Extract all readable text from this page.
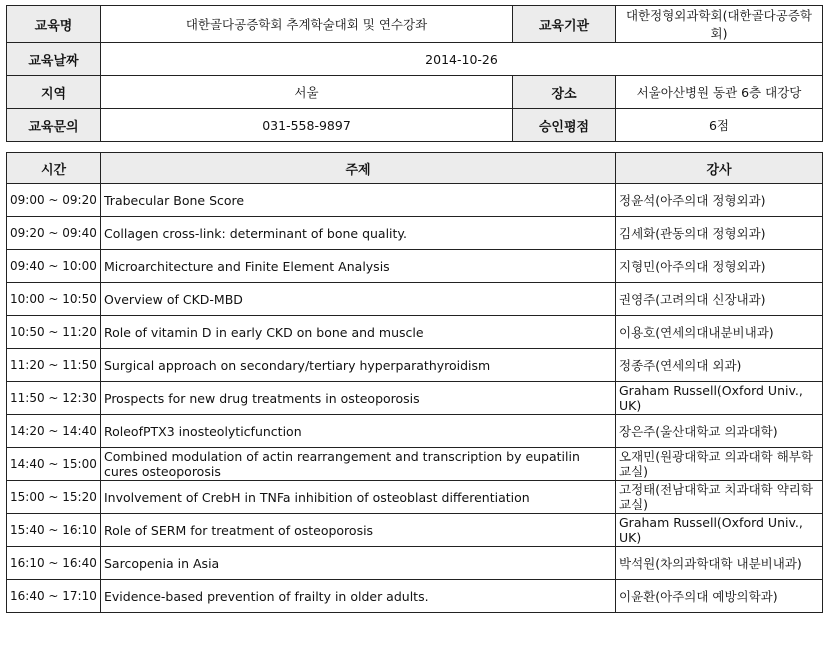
교육명	대한골다공증학회 추계학술대회 및 연수강좌	교육기관	대한정형외과학회(대한골다공증학회)
교육날짜	2014-10-26		
지역	서울	장소	서울아산병원 동관 6층 대강당
교육문의	031-558-9897	승인평점	6점
시간	주제	강사
09:00 ~ 09:20	Trabecular Bone Score	정윤석(아주의대 정형외과)
09:20 ~ 09:40	Collagen cross-link: determinant of bone quality.	김세화(관동의대 정형외과)
09:40 ~ 10:00	Microarchitecture and Finite Element Analysis	지형민(아주의대 정형외과)
10:00 ~ 10:50	Overview of CKD-MBD	권영주(고려의대 신장내과)
10:50 ~ 11:20	Role of vitamin D in early CKD on bone and muscle	이용호(연세의대내분비내과)
11:20 ~ 11:50	Surgical approach on secondary/tertiary hyperparathyroidism	정종주(연세의대 외과)
11:50 ~ 12:30	Prospects for new drug treatments in osteoporosis	Graham Russell(Oxford Univ., UK)
14:20 ~ 14:40	RoleofPTX3 inosteolyticfunction	장은주(울산대학교 의과대학)
14:40 ~ 15:00	Combined modulation of actin rearrangement and transcription by eupatilin cures osteoporosis	오재민(원광대학교 의과대학 해부학교실)
15:00 ~ 15:20	Involvement of CrebH in TNFa inhibition of osteoblast differentiation	고정태(전남대학교 치과대학 약리학교실)
15:40 ~ 16:10	Role of SERM for treatment of osteoporosis	Graham Russell(Oxford Univ., UK)
16:10 ~ 16:40	Sarcopenia in Asia	박석원(차의과학대학 내분비내과)
16:40 ~ 17:10	Evidence-based prevention of frailty in older adults.	이윤환(아주의대 예방의학과)
